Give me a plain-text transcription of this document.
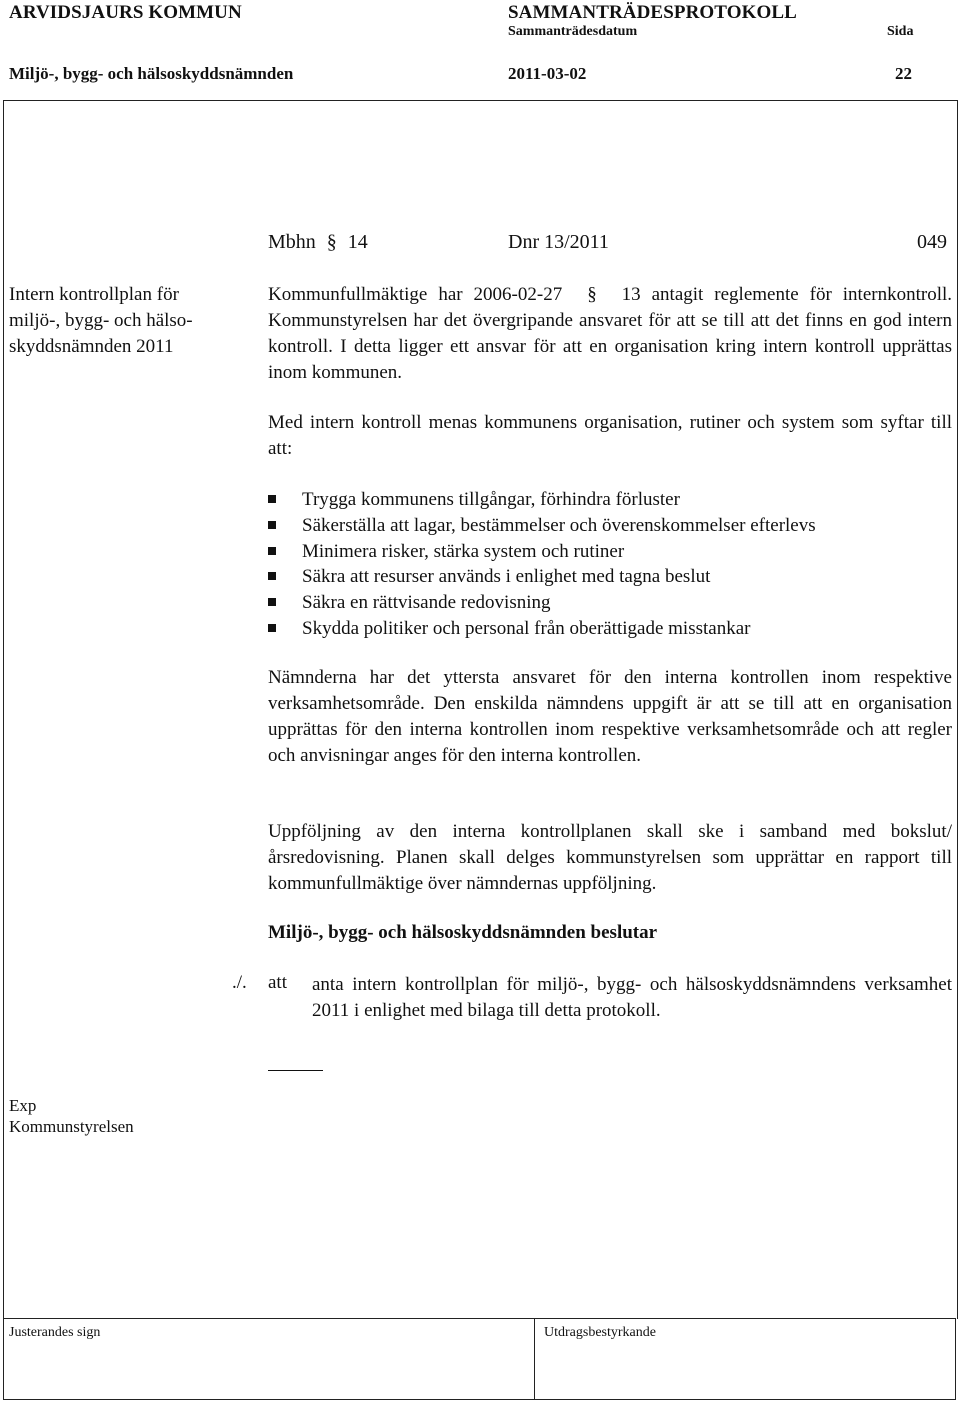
ARVIDSJAURS KOMMUN	SAMMANTRÄDESPROTOKOLL
Sammanträdesdatum	Sida
Miljö-, bygg- och hälsoskyddsnämnden	2011-03-02	22
Mbhn § 14	Dnr 13/2011	049
Intern kontrollplan för
miljö-, bygg- och hälso-
skyddsnämnden 2011
Kommunfullmäktige har 2006-02-27 § 13 antagit reglemente för internkontroll. Kommunstyrelsen har det övergripande ansvaret för att se till att det finns en god intern kontroll. I detta ligger ett ansvar för att en organisation kring intern kontroll upprättas inom kommunen.
Med intern kontroll menas kommunens organisation, rutiner och system som syftar till att:
Trygga kommunens tillgångar, förhindra förluster
Säkerställa att lagar, bestämmelser och överenskommelser efterlevs
Minimera risker, stärka system och rutiner
Säkra att resurser används i enlighet med tagna beslut
Säkra en rättvisande redovisning
Skydda politiker och personal från oberättigade misstankar
Nämnderna har det yttersta ansvaret för den interna kontrollen inom respektive verksamhetsområde. Den enskilda nämndens uppgift är att se till att en organisation upprättas för den interna kontrollen inom respektive verksamhetsområde och att regler och anvisningar anges för den interna kontrollen.
Uppföljning av den interna kontrollplanen skall ske i samband med bokslut/årsredovisning. Planen skall delges kommunstyrelsen som upprättar en rapport till kommunfullmäktige över nämndernas uppföljning.
Miljö-, bygg- och hälsoskyddsnämnden beslutar
./. att anta intern kontrollplan för miljö-, bygg- och hälsoskyddsnämndens verksamhet 2011 i enlighet med bilaga till detta protokoll.
Exp
Kommunstyrelsen
Justerandes sign	Utdragsbestyrkande
